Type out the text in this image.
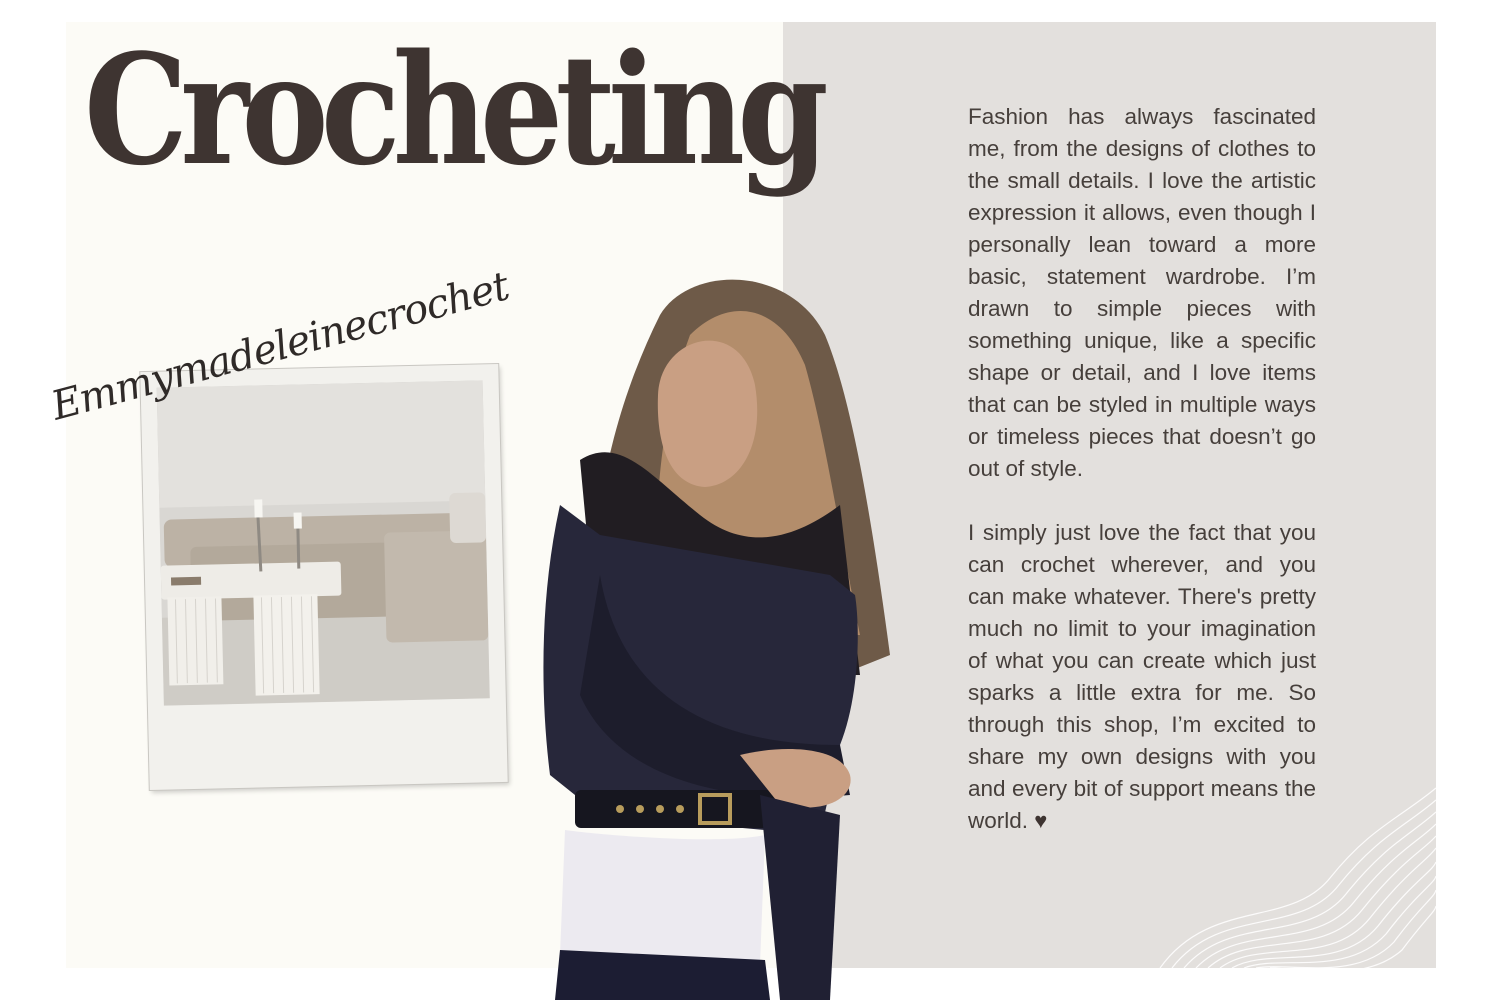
Crocheting
Emmymadeleinecrochet

Fashion has always fascinated me, from the designs of clothes to the small details. I love the artistic expression it allows, even though I personally lean toward a more basic, statement wardrobe. I’m drawn to simple pieces with something unique, like a specific shape or detail, and I love items that can be styled in multiple ways or timeless pieces that doesn’t go out of style.

I simply just love the fact that you can crochet wherever, and you can make whatever. There's pretty much no limit to your imagination of what you can create which just sparks a little extra for me. So through this shop, I’m excited to share my own designs with you and every bit of support means the world. ♥
